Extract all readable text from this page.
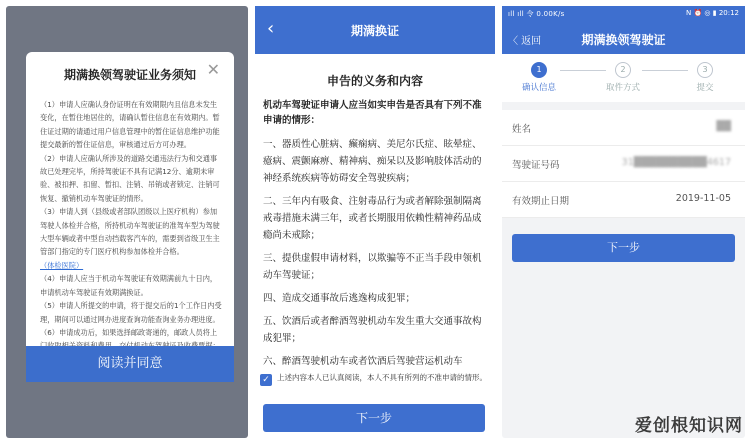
期满换领驾驶证业务须知 ✕

（1）申请人应确认身份证明在有效期限内且信息未发生变化，在暂住地居住的，请确认暂住信息在有效期内。暂住证过期的请通过用户信息管理中的暂住证信息维护功能提交最新的暂住证信息，审核通过后方可办理。

（2）申请人应确认所涉及的道路交通违法行为和交通事故已处理完毕，所持驾驶证不具有记满12分、逾期未审验、被扣押、扣留、暂扣、注销、吊销或者锁定、注销可恢复、撤销机动车驾驶证的情形。

（3）申请人到（县级或者部队团级以上医疗机构）参加驾驶人体检并合格，所持机动车驾驶证的准驾车型为驾驶大型车辆或者中型自动挡载客汽车的，需要到省级卫生主管部门指定的专门医疗机构参加体检并合格。（体检医院）

（4）申请人应当于机动车驾驶证有效期满前九十日内，申请机动车驾驶证有效期满换证。

（5）申请人所提交的申请，将于提交后的1个工作日内受理，期间可以通过网办进度查询功能查询业务办理进度。

（6）申请成功后，如果选择邮政寄递的，邮政人员将上

阅读并同意
‹	期满换证
申告的义务和内容
机动车驾驶证申请人应当如实申告是否具有下列不准申请的情形：

一、器质性心脏病、癫痫病、美尼尔氏症、眩晕症、癔病、震颤麻痹、精神病、痴呆以及影响肢体活动的神经系统疾病等妨碍安全驾驶疾病；

二、三年内有吸食、注射毒品行为或者解除强制隔离戒毒措施未满三年，或者长期服用依赖性精神药品成瘾尚未戒除；

三、提供虚假申请材料，以欺骗等不正当手段申领机动车驾驶证；

四、造成交通事故后逃逸构成犯罪；

五、饮酒后或者醉酒驾驶机动车发生重大交通事故构成犯罪；

六、醉酒驾驶机动车或者饮酒后驾驶营运机动车

✓ 上述内容本人已认真阅读，本人不具有所列的不准申请的情形。
下一步
ıll ıll 令 0.00K/s	N ⏰ ◎ ▮ 20:12
〈 返回	期满换领驾驶证
1
确认信息
2
取件方式
3
提交
姓名	██
驾驶证号码	31██████████4617
有效期止日期	2019-11-05
下一步
爱创根知识网
